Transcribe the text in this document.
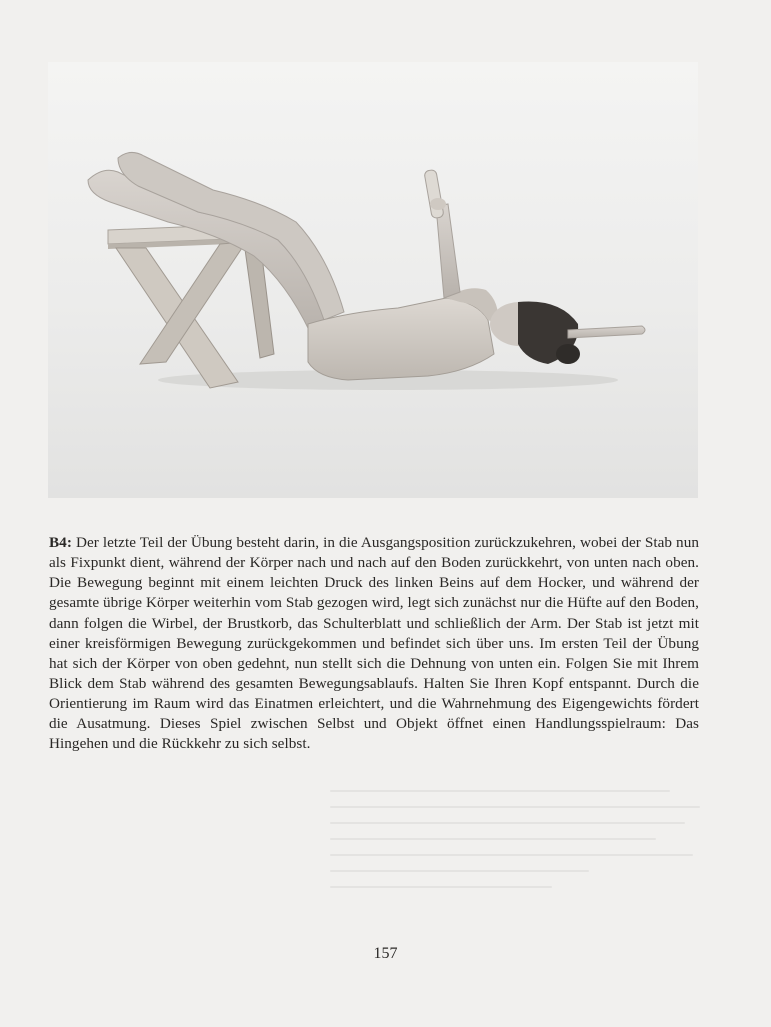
B4: Der letzte Teil der Übung besteht darin, in die Ausgangsposition zurückzukehren, wobei der Stab nun als Fixpunkt dient, während der Körper nach und nach auf den Boden zurückkehrt, von unten nach oben. Die Bewegung beginnt mit einem leichten Druck des linken Beins auf dem Hocker, und während der gesamte übrige Körper weiterhin vom Stab gezogen wird, legt sich zunächst nur die Hüfte auf den Boden, dann folgen die Wirbel, der Brustkorb, das Schulterblatt und schließlich der Arm. Der Stab ist jetzt mit einer kreisförmigen Bewegung zurückgekommen und befindet sich über uns. Im ersten Teil der Übung hat sich der Körper von oben gedehnt, nun stellt sich die Dehnung von unten ein. Folgen Sie mit Ihrem Blick dem Stab während des gesamten Bewegungsablaufs. Halten Sie Ihren Kopf entspannt. Durch die Orientierung im Raum wird das Einatmen erleichtert, und die Wahrnehmung des Eigengewichts fördert die Ausatmung. Dieses Spiel zwischen Selbst und Objekt öffnet einen Handlungsspielraum: Das Hingehen und die Rückkehr zu sich selbst.

157
